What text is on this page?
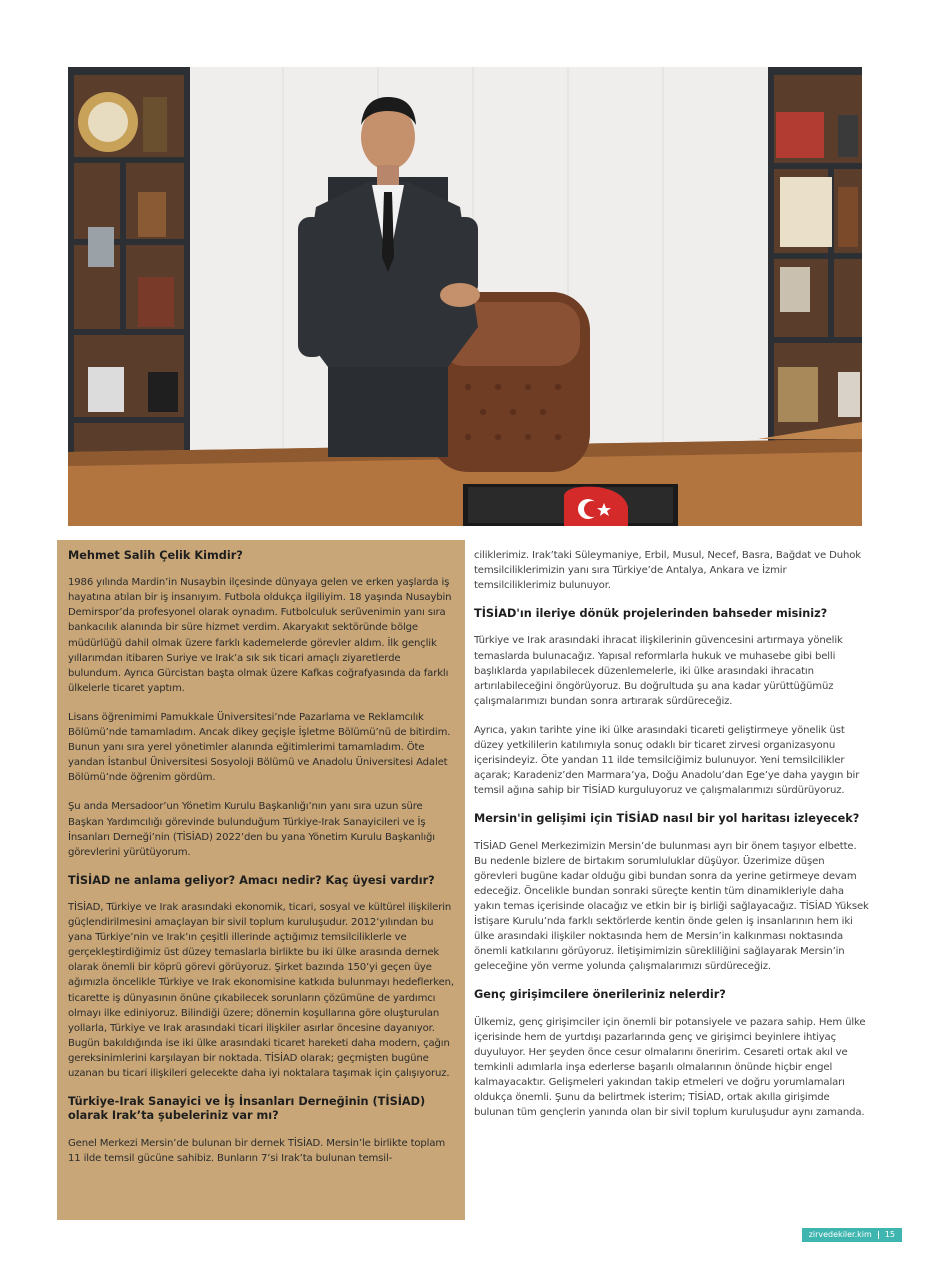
Mehmet Salih Çelik Kimdir?
1986 yılında Mardin’in Nusaybin ilçesinde dünyaya gelen ve erken yaşlarda iş hayatına atılan bir iş insanıyım. Futbola oldukça ilgiliyim. 18 yaşında Nusaybin Demirspor’da profesyonel olarak oynadım. Futbolculuk serüvenimin yanı sıra bankacılık alanında bir süre hizmet verdim. Akaryakıt sektöründe bölge müdürlüğü dahil olmak üzere farklı kademelerde görevler aldım. İlk gençlik yıllarımdan itibaren Suriye ve Irak’a sık sık ticari amaçlı ziyaretlerde bulundum. Ayrıca Gürcistan başta olmak üzere Kafkas coğrafyasında da farklı ülkelerle ticaret yaptım.
Lisans öğrenimimi Pamukkale Üniversitesi’nde Pazarlama ve Reklamcılık Bölümü’nde tamamladım. Ancak dikey geçişle İşletme Bölümü’nü de bitirdim. Bunun yanı sıra yerel yönetimler alanında eğitimlerimi tamamladım. Öte yandan İstanbul Üniversitesi Sosyoloji Bölümü ve Anadolu Üniversitesi Adalet Bölümü’nde öğrenim gördüm.
Şu anda Mersadoor’un Yönetim Kurulu Başkanlığı’nın yanı sıra uzun süre Başkan Yardımcılığı görevinde bulunduğum Türkiye-Irak Sanayicileri ve İş İnsanları Derneği’nin (TİSİAD) 2022’den bu yana Yönetim Kurulu Başkanlığı görevlerini yürütüyorum.
TİSİAD ne anlama geliyor? Amacı nedir? Kaç üyesi vardır?
TİSİAD, Türkiye ve Irak arasındaki ekonomik, ticari, sosyal ve kültürel ilişkilerin güçlendirilmesini amaçlayan bir sivil toplum kuruluşudur. 2012’yılından bu yana Türkiye’nin ve Irak’ın çeşitli illerinde açtığımız temsilciliklerle ve gerçekleştirdiğimiz üst düzey temaslarla birlikte bu iki ülke arasında dernek olarak önemli bir köprü görevi görüyoruz. Şirket bazında 150’yi geçen üye ağımızla öncelikle Türkiye ve Irak ekonomisine katkıda bulunmayı hedeflerken, ticarette iş dünyasının önüne çıkabilecek sorunların çözümüne de yardımcı olmayı ilke ediniyoruz. Bilindiği üzere; dönemin koşullarına göre oluşturulan yollarla, Türkiye ve Irak arasındaki ticari ilişkiler asırlar öncesine dayanıyor. Bugün bakıldığında ise iki ülke arasındaki ticaret hareketi daha modern, çağın gereksinimlerini karşılayan bir noktada. TİSİAD olarak; geçmişten bugüne uzanan bu ticari ilişkileri gelecekte daha iyi noktalara taşımak için çalışıyoruz.
Türkiye-Irak Sanayici ve İş İnsanları Derneğinin (TİSİAD) olarak Irak’ta şubeleriniz var mı?
Genel Merkezi Mersin’de bulunan bir dernek TİSİAD. Mersin’le birlikte toplam 11 ilde temsil gücüne sahibiz. Bunların 7’si Irak’ta bulunan temsil-
ciliklerimiz. Irak’taki Süleymaniye, Erbil, Musul, Necef, Basra, Bağdat ve Duhok temsilciliklerimizin yanı sıra Türkiye’de Antalya, Ankara ve İzmir temsilciliklerimiz bulunuyor.
TİSİAD'ın ileriye dönük projelerinden bahseder misiniz?
Türkiye ve Irak arasındaki ihracat ilişkilerinin güvencesini artırmaya yönelik temaslarda bulunacağız. Yapısal reformlarla hukuk ve muhasebe gibi belli başlıklarda yapılabilecek düzenlemelerle, iki ülke arasındaki ihracatın artırılabileceğini öngörüyoruz. Bu doğrultuda şu ana kadar yürüttüğümüz çalışmalarımızı bundan sonra artırarak sürdüreceğiz.
Ayrıca, yakın tarihte yine iki ülke arasındaki ticareti geliştirmeye yönelik üst düzey yetkililerin katılımıyla sonuç odaklı bir ticaret zirvesi organizasyonu içerisindeyiz. Öte yandan 11 ilde temsilciğimiz bulunuyor. Yeni temsilcilikler açarak; Karadeniz’den Marmara’ya, Doğu Anadolu’dan Ege’ye daha yaygın bir temsil ağına sahip bir TİSİAD kurguluyoruz ve çalışmalarımızı sürdürüyoruz.
Mersin'in gelişimi için TİSİAD nasıl bir yol haritası izleyecek?
TİSİAD Genel Merkezimizin Mersin’de bulunması ayrı bir önem taşıyor elbette. Bu nedenle bizlere de birtakım sorumluluklar düşüyor. Üzerimize düşen görevleri bugüne kadar olduğu gibi bundan sonra da yerine getirmeye devam edeceğiz. Öncelikle bundan sonraki süreçte kentin tüm dinamikleriyle daha yakın temas içerisinde olacağız ve etkin bir iş birliği sağlayacağız. TİSİAD Yüksek İstişare Kurulu’nda farklı sektörlerde kentin önde gelen iş insanlarının hem iki ülke arasındaki ilişkiler noktasında hem de Mersin’in kalkınması noktasında önemli katkılarını görüyoruz. İletişimimizin sürekliliğini sağlayarak Mersin’in geleceğine yön verme yolunda çalışmalarımızı sürdüreceğiz.
Genç girişimcilere önerileriniz nelerdir?
Ülkemiz, genç girişimciler için önemli bir potansiyele ve pazara sahip. Hem ülke içerisinde hem de yurtdışı pazarlarında genç ve girişimci beyinlere ihtiyaç duyuluyor. Her şeyden önce cesur olmalarını öneririm. Cesareti ortak akıl ve temkinli adımlarla inşa ederlerse başarılı olmalarının önünde hiçbir engel kalmayacaktır. Gelişmeleri yakından takip etmeleri ve doğru yorumlamaları oldukça önemli. Şunu da belirtmek isterim; TİSİAD, ortak akılla girişimde bulunan tüm gençlerin yanında olan bir sivil toplum kuruluşudur aynı zamanda.
zirvedekiler.kim 15
